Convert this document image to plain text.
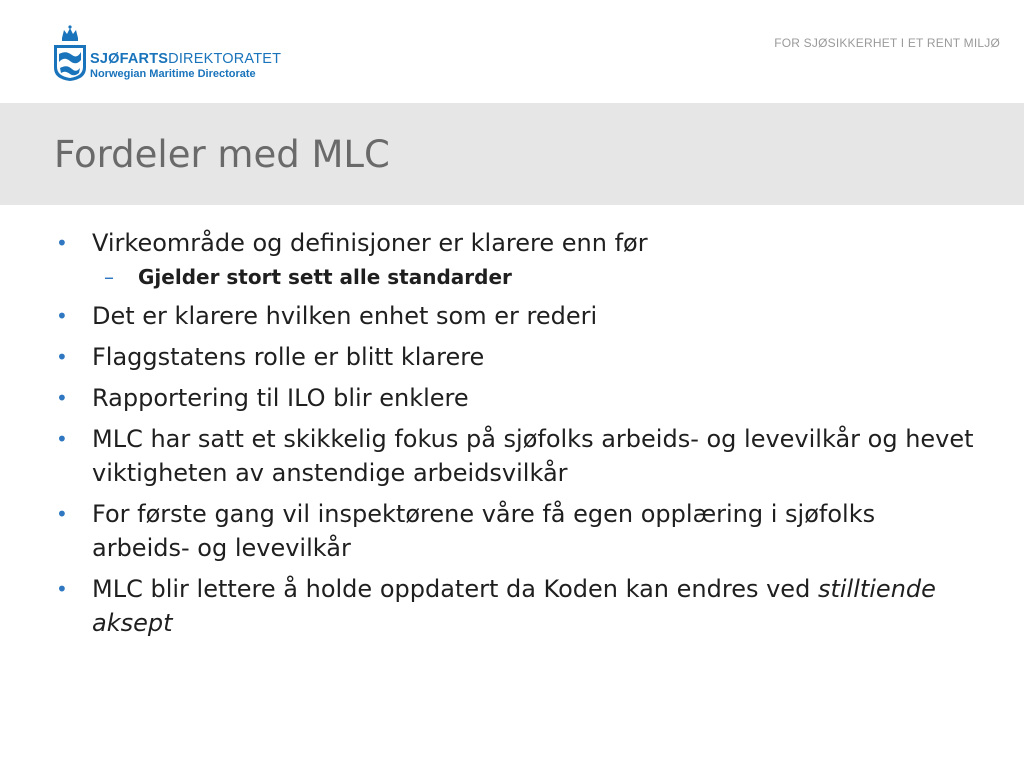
SJØFARTSDIREKTORATET
Norwegian Maritime Directorate
FOR SJØSIKKERHET I ET RENT MILJØ
Fordeler med MLC
• Virkeområde og definisjoner er klarere enn før
– Gjelder stort sett alle standarder
• Det er klarere hvilken enhet som er rederi
• Flaggstatens rolle er blitt klarere
• Rapportering til ILO blir enklere
• MLC har satt et skikkelig fokus på sjøfolks arbeids- og levevilkår og hevet viktigheten av anstendige arbeidsvilkår
• For første gang vil inspektørene våre få egen opplæring i sjøfolks arbeids- og levevilkår
• MLC blir lettere å holde oppdatert da Koden kan endres ved stilltiende aksept
